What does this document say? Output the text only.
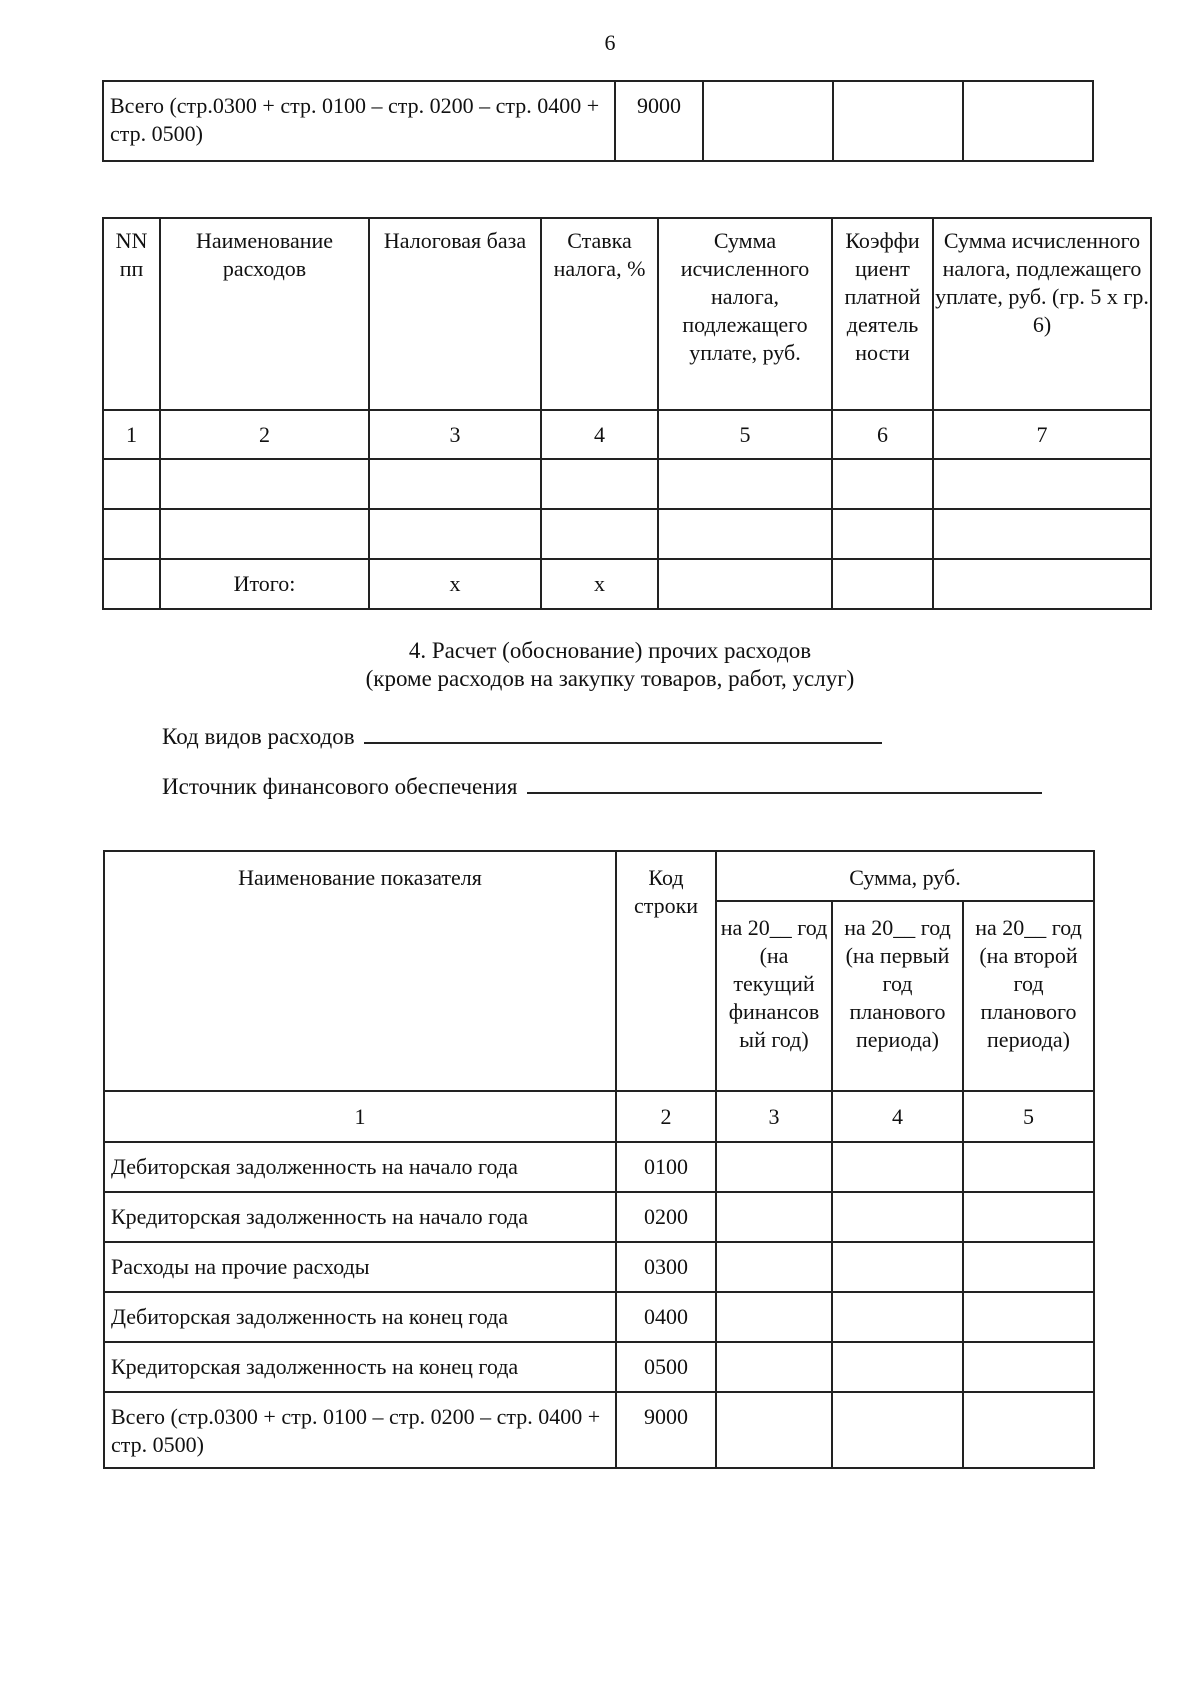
6
Всего (стр.0300 + стр. 0100 – стр. 0200 – стр. 0400 + стр. 0500)	9000			
NN пп	Наименование расходов	Налоговая база	Ставка налога, %	Сумма исчисленного налога, подлежащего уплате, руб.	Коэффи циент платной деятель ности	Сумма исчисленного налога, подлежащего уплате, руб. (гр. 5 х гр. 6)
1	2	3	4	5	6	7

	Итого:	х	х			
4. Расчет (обоснование) прочих расходов
(кроме расходов на закупку товаров, работ, услуг)
Код видов расходов
Источник финансового обеспечения
Наименование показателя	Код строки	Сумма, руб.		
		на 20__ год (на текущий финансов ый год)	на 20__ год (на первый год планового периода)	на 20__ год (на второй год планового периода)
1	2	3	4	5
Дебиторская задолженность на начало года	0100			
Кредиторская задолженность на начало года	0200			
Расходы на прочие расходы	0300			
Дебиторская задолженность на конец года	0400			
Кредиторская задолженность на конец года	0500			
Всего (стр.0300 + стр. 0100 – стр. 0200 – стр. 0400 + стр. 0500)	9000			
